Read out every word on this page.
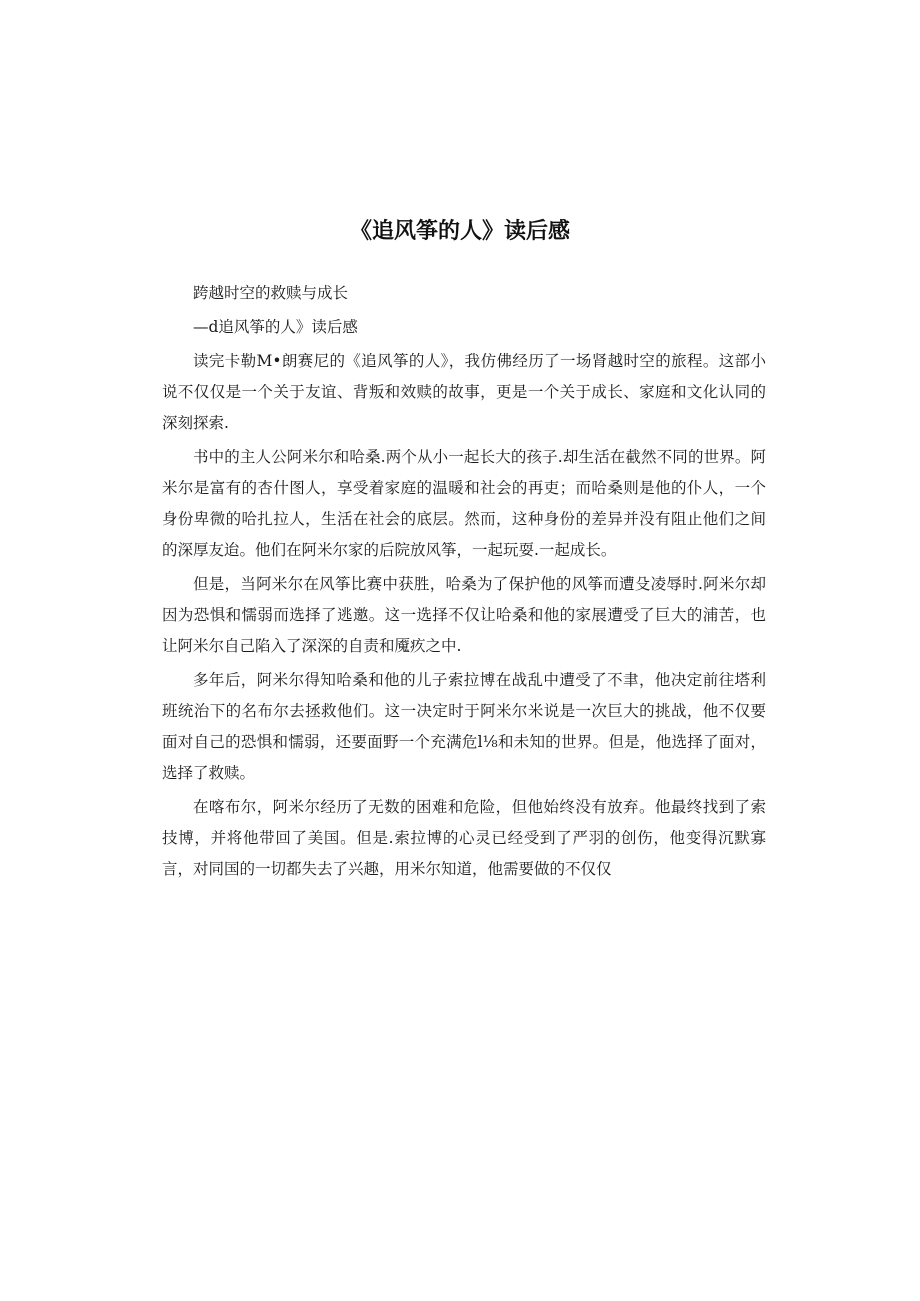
《追风筝的人》读后感

跨越时空的救赎与成长

—d追风筝的人》读后感

读完卡勒M•朗赛尼的《追风筝的人》，我仿佛经历了一场肾越时空的旅程。这部小说不仅仅是一个关于友谊、背叛和效赎的故事，更是一个关于成长、家庭和文化认同的深刻探索.

书中的主人公阿米尔和哈桑.两个从小一起长大的孩子.却生活在截然不同的世界。阿米尔是富有的杏什图人，享受着家庭的温暖和社会的再吏；而哈桑则是他的仆人，一个身份卑微的哈扎拉人，生活在社会的底层。然而，这种身份的差异并没有阻止他们之间的深厚友迨。他们在阿米尔家的后院放风筝，一起玩耍.一起成长。

但是，当阿米尔在风筝比赛中获胜，哈桑为了保护他的风筝而遭殳凌辱时.阿米尔却因为恐惧和懦弱而选择了逃邀。这一选择不仅让哈桑和他的家展遭受了巨大的浦苦，也让阿米尔自己陷入了深深的自责和魇疚之中.

多年后，阿米尔得知哈桑和他的儿子索拉博在战乱中遭受了不聿，他决定前往塔利班统治下的名布尔去拯救他们。这一决定时于阿米尔米说是一次巨大的挑战，他不仅要面对自己的恐惧和懦弱，还要面野一个充满危l⅛和未知的世界。但是，他选择了面对，选择了救赎。

在喀布尔，阿米尔经历了无数的困难和危险，但他始终没有放弃。他最终找到了索技博，并将他带回了美国。但是.索拉博的心灵已经受到了严羽的创伤，他变得沉默寡言，对同国的一切都失去了兴趣，用米尔知道，他需要做的不仅仅
